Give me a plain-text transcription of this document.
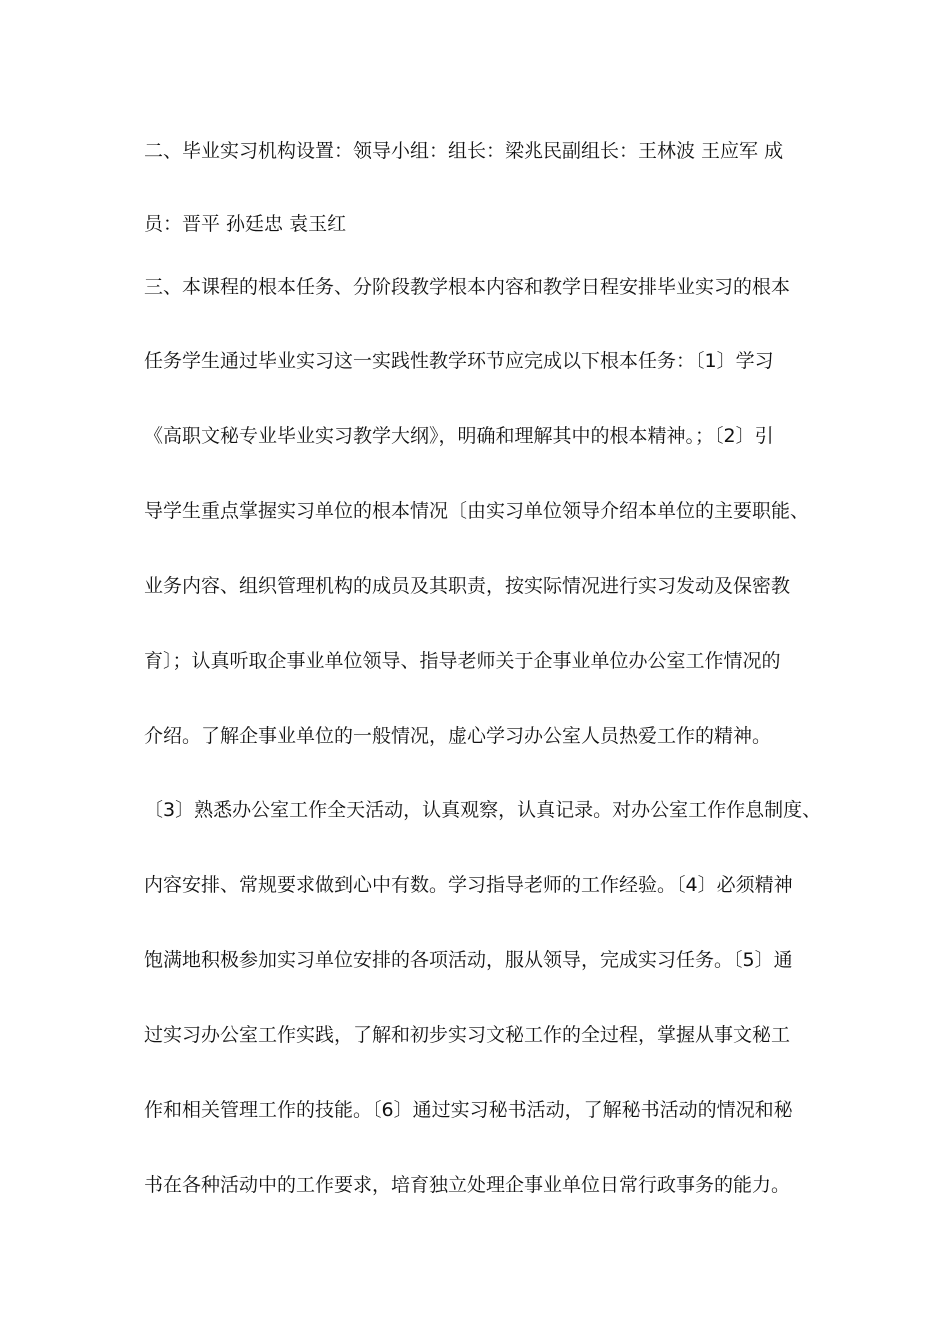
二、毕业实习机构设置：领导小组：组长：梁兆民副组长：王林波 王应军 成
员：晋平 孙廷忠 袁玉红
三、本课程的根本任务、分阶段教学根本内容和教学日程安排毕业实习的根本
任务学生通过毕业实习这一实践性教学环节应完成以下根本任务：〔1〕学习
《高职文秘专业毕业实习教学大纲》，明确和理解其中的根本精神。；〔2〕引
导学生重点掌握实习单位的根本情况〔由实习单位领导介绍本单位的主要职能、
业务内容、组织管理机构的成员及其职责，按实际情况进行实习发动及保密教
育〕；认真听取企事业单位领导、指导老师关于企事业单位办公室工作情况的
介绍。了解企事业单位的一般情况，虚心学习办公室人员热爱工作的精神。
〔3〕熟悉办公室工作全天活动，认真观察，认真记录。对办公室工作作息制度、
内容安排、常规要求做到心中有数。学习指导老师的工作经验。〔4〕必须精神
饱满地积极参加实习单位安排的各项活动，服从领导，完成实习任务。〔5〕通
过实习办公室工作实践，了解和初步实习文秘工作的全过程，掌握从事文秘工
作和相关管理工作的技能。〔6〕通过实习秘书活动，了解秘书活动的情况和秘
书在各种活动中的工作要求，培育独立处理企事业单位日常行政事务的能力。
